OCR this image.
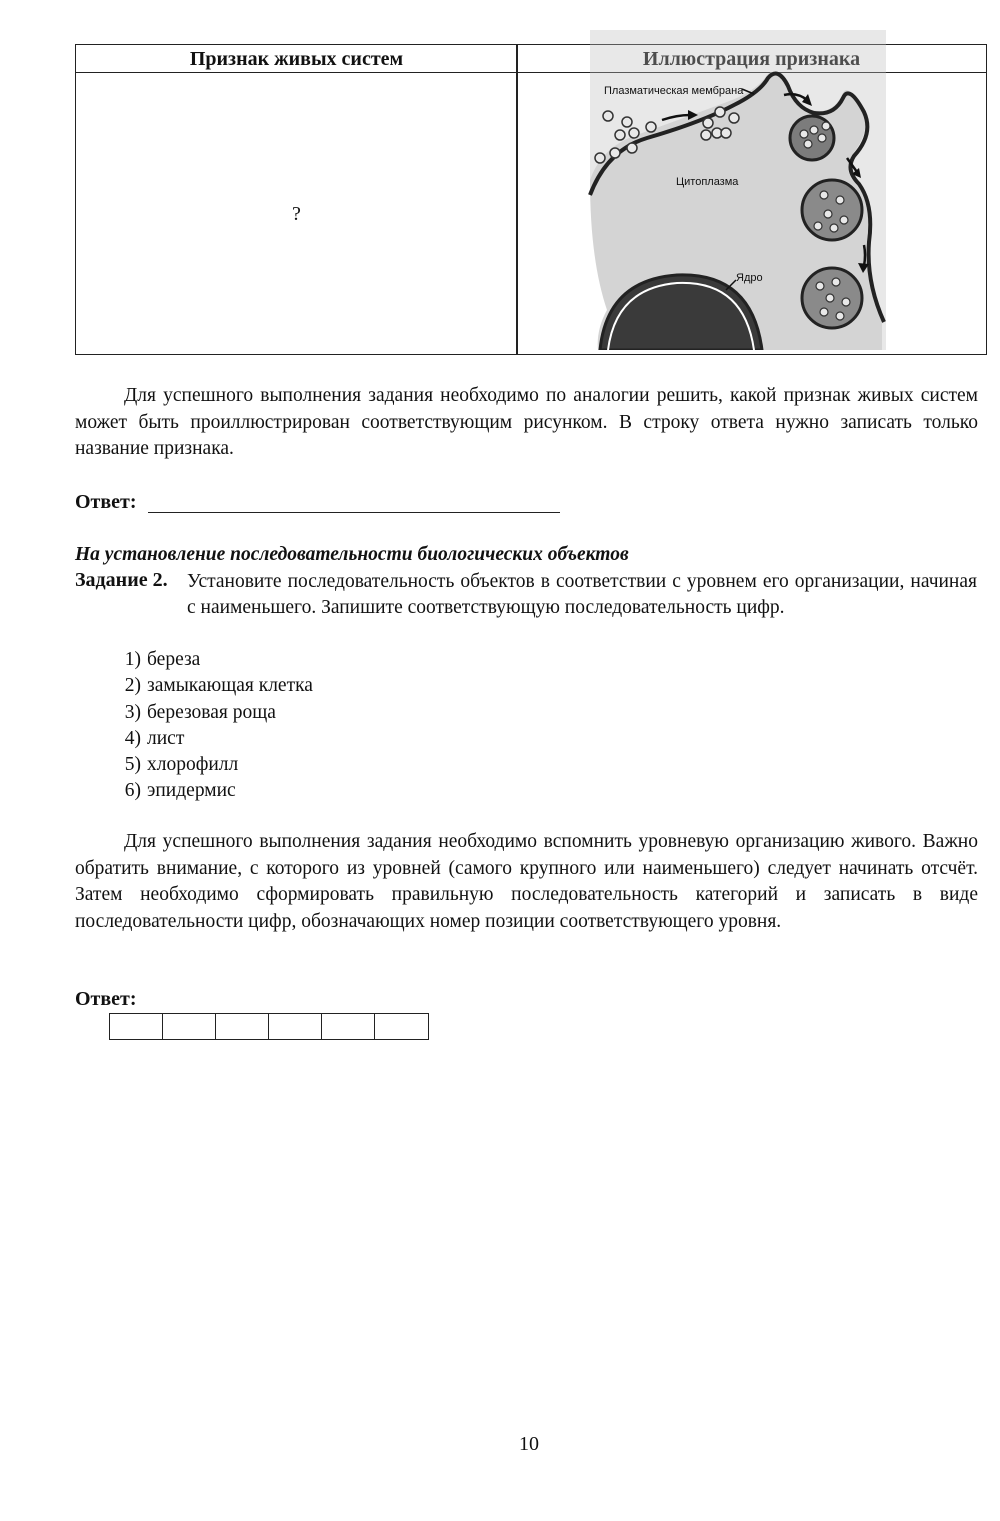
Признак живых систем	Иллюстрация признака
?
Плазматическая мембрана
Цитоплазма
Ядро

Для успешного выполнения задания необходимо по аналогии решить, какой признак живых систем может быть проиллюстрирован соответствующим рисунком. В строку ответа нужно записать только название признака.

Ответ:
На установление последовательности биологических объектов
Задание 2. Установите последовательность объектов в соответствии с уровнем его организации, начиная с наименьшего. Запишите соответствующую последовательность цифр.

1) береза
2) замыкающая клетка
3) березовая роща
4) лист
5) хлорофилл
6) эпидермис

Для успешного выполнения задания необходимо вспомнить уровневую организацию живого. Важно обратить внимание, с которого из уровней (самого крупного или наименьшего) следует начинать отсчёт. Затем необходимо сформировать правильную последовательность категорий и записать в виде последовательности цифр, обозначающих номер позиции соответствующего уровня.

Ответ:
10
